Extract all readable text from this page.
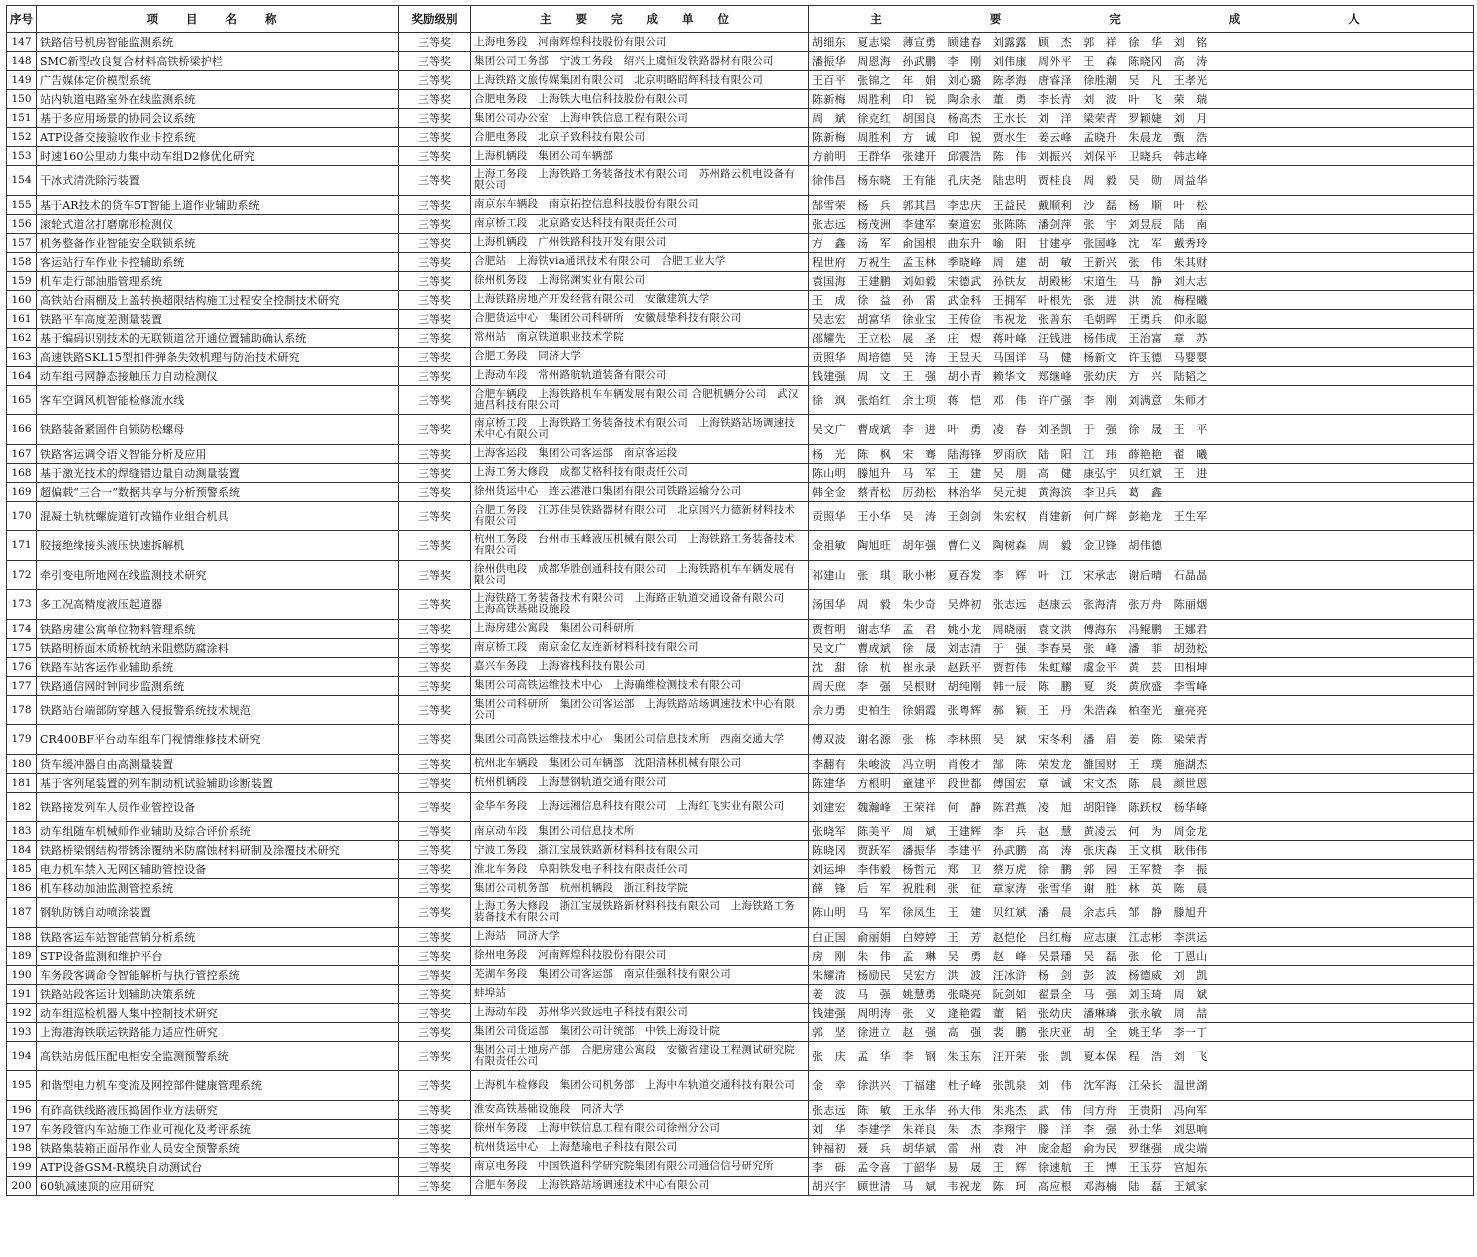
序号	项 目 名 称	奖励级别	主 要 完 成 单 位	主 要 完 成 人
147	铁路信号机房智能监测系统	三等奖	上海电务段　河南辉煌科技股份有限公司	胡细东　夏志梁　薄宣勇　顾建春　刘露露　顾　杰　郭　祥　徐　华　刘　铭
148	SMC新型改良复合材料高铁桥梁护栏	三等奖	集团公司工务部　宁波工务段　绍兴上虞恒发铁路器材有限公司	潘振华　周恩海　孙武鹏　李　刚　刘伟康　周外平　王　森　陈晓冈　高　涛
149	广告媒体定价模型系统	三等奖	上海铁路文旅传媒集团有限公司　北京明略昭辉科技有限公司	王百平　张锦之　年　娟　刘心璐　陈孝海　唐睿泽　徐胜潮　吴　凡　王孝光
150	站内轨道电路室外在线监测系统	三等奖	合肥电务段　上海铁大电信科技股份有限公司	陈新梅　周胜利　印　锐　陶余永　董　勇　李长青　刘　波　叶　飞　荣　瑞
151	基于多应用场景的协同会议系统	三等奖	集团公司办公室　上海申铁信息工程有限公司	周　斌　徐克红　胡国良　杨高杰　王水长　刘　洋　梁荣青　罗颖婕　刘　月
152	ATP设备交接验收作业卡控系统	三等奖	合肥电务段　北京子致科技有限公司	陈新梅　周胜利　方　诚　印　锐　贾水生　姜云峰　孟晓升　朱晨龙　甄　浩
153	时速160公里动力集中动车组D2修优化研究	三等奖	上海机辆段　集团公司车辆部	方前明　王群华　张建开　邱震浩　陈　伟　刘振兴　刘保平　卫晓兵　韩志峰
154	干冰式清洗除污装置	三等奖	上海工务段　上海铁路工务装备技术有限公司　苏州路云机电设备有限公司	徐伟昌　杨东晓　王有能　孔庆尧　陆忠明　贾桂良　周　毅　吴　勋　周益华
155	基于AR技术的货车5T智能上道作业辅助系统	三等奖	南京东车辆段　南京拓控信息科技股份有限公司	郜雪荣　杨　兵　郭其昌　李忠庆　王益民　戴顺利　沙　磊　杨　顺　叶　松
156	滚轮式道岔打磨廓形检测仪	三等奖	南京桥工段　北京路安达科技有限责任公司	张志远　杨茂洲　李建军　秦道宏　张陈陈　潘剑萍　张　宇　刘昱辰　陆　南
157	机务整备作业智能安全联锁系统	三等奖	上海机辆段　广州铁路科技开发有限公司	方　鑫　汤　军　俞国根　曲东升　喻　阳　甘建亭　张国峰　沈　军　戴秀玲
158	客运站行车作业卡控辅助系统	三等奖	合肥站　上海铁via通讯技术有限公司　合肥工业大学	程世府　万祝生　孟玉林　季晓峰　周　建　胡　敏　王新兴　张　伟　朱其财
159	机车走行部油脂管理系统	三等奖	徐州机务段　上海铭渊实业有限公司	袁国海　王建鹏　刘如毅　宋德武　孙铁友　胡殿彬　宋道生　马　静　刘大志
160	高铁站台雨棚及上盖转换超限结构施工过程安全控制技术研究	三等奖	上海铁路房地产开发经营有限公司　安徽建筑大学	王　成　徐　益　孙　雷　武金科　王拥军　叶根先　张　进　洪　流　梅程曦
161	铁路平车高度差测量装置	三等奖	合肥货运中心　集团公司科研所　安徽晨挚科技有限公司	吴志宏　胡富华　徐业宝　王传俭　韦祝龙　张善东　毛朝晖　王勇兵　仰永聪
162	基于编码识别技术的无联锁道岔开通位置辅助确认系统	三等奖	常州站　南京铁道职业技术学院	邵耀先　王立松　展　圣　庄　煜　蒋叶峰　汪钱进　杨伟成　王治富　章　苏
163	高速铁路SKL15型扣件弹条失效机理与防治技术研究	三等奖	合肥工务段　同济大学	贡照华　周培德　吴　涛　王昱天　马国详　马　健　杨新文　许玉德　马婴婴
164	动车组弓网静态接触压力自动检测仪	三等奖	上海动车段　常州路航轨道装备有限公司	钱建强　周　文　王　强　胡小青　赖华文　郑继峰　张幼庆　方　兴　陆韬之
165	客车空调风机智能检修流水线	三等奖	合肥车辆段　上海铁路机车车辆发展有限公司 合肥机辆分公司　武汉迪昌科技有限公司	徐　飒　张焰红　余士项　蒋　恺　邓　伟　许广强　李　刚　刘满意　朱师才
166	铁路装备紧固件自锁防松螺母	三等奖	南京桥工段　上海铁路工务装备技术有限公司　上海铁路站场调速技术中心有限公司	吴文广　曹成斌　李　进　叶　勇　凌　春　刘圣凯　于　强　徐　晟　王　平
167	铁路客运调令语义智能分析及应用	三等奖	上海客运段　集团公司客运部　南京客运段	杨　光　陈　枫　宋　骞　陆海锋　罗雨欣　陆　阳　江　玮　薛艳艳　翟　曦
168	基于激光技术的焊缝错边量自动测量装置	三等奖	上海工务大修段　成都艾格科技有限责任公司	陈山明　滕旭升　马　军　王　建　吴　朋　高　健　康弘宇　贝红斌　王　进
169	超偏载“三合一”数据共享与分析预警系统	三等奖	徐州货运中心　连云港港口集团有限公司铁路运输分公司	韩全金　蔡青松　厉劲松　林治华　吴元昶　黄海滨　李卫兵　葛　鑫
170	混凝土轨枕螺旋道钉改锚作业组合机具	三等奖	合肥工务段　江苏佳昊铁路器材有限公司　北京国兴力德新材料技术有限公司	贡照华　王小华　吴　涛　王剑剑　朱宏权　肖建新　何广辉　彭艳龙　王生军
171	胶接绝缘接头液压快速拆解机	三等奖	杭州工务段　台州市玉峰液压机械有限公司　上海铁路工务装备技术有限公司	金祖敏　陶旭旺　胡年强　曹仁义　陶树森　周　毅　金卫锋　胡伟德
172	牵引变电所地网在线监测技术研究	三等奖	徐州供电段　成都华胜创通科技有限公司　上海铁路机车车辆发展有限公司	祁建山　张　琪　耿小彬　夏吞发　李　辉　叶　江　宋承志　谢后晴　石晶晶
173	多工况高精度液压起道器	三等奖	上海铁路工务装备技术有限公司　上海路正轨道交通设备有限公司　上海高铁基础设施段	汤国华　周　毅　朱少奇　吴烨初　张志远　赵康云　张海清　张万舟　陈丽烟
174	铁路房建公寓单位物料管理系统	三等奖	上海房建公寓段　集团公司科研所	贾哲明　谢志华　孟　君　姚小龙　周晓丽　袁文洪　傅海东　冯鲲鹏　王娜君
175	铁路明桥面木质桥枕纳米阻燃防腐涂料	三等奖	南京桥工段　南京金亿友连新材料科技有限公司	吴文广　曹成斌　徐　晟　刘志清　于　强　李春昊　张　峰　潘　菲　胡劲松
176	铁路车站客运作业辅助系统	三等奖	嘉兴车务段　上海睿栈科技有限公司	沈　甜　徐　杭　崔永录　赵跃平　贾哲伟　朱虹耀　虞金平　黄　芸　田相坤
177	铁路通信网时钟同步监测系统	三等奖	集团公司高铁运维技术中心　上海确维检测技术有限公司	周天庶　李　强　吴根财　胡纯刚　韩一辰　陈　鹏　夏　炎　黄欣盛　李雪峰
178	铁路站台端部防穿越入侵报警系统技术规范	三等奖	集团公司科研所　集团公司客运部　上海铁路站场调速技术中心有限公司	佘力勇　史柏生　徐娟霞　张粤辉　郝　颖　王　丹　朱浩森　柏奎光　童亮亮
179	CR400BF平台动车组车门视情维修技术研究	三等奖	集团公司高铁运维技术中心　集团公司信息技术所　西南交通大学	傅双波　谢名源　张　栋　李林照　吴　斌　宋冬利　潘　眉　姜　陈　梁荣青
180	货车缓冲器自由高测量装置	三等奖	杭州北车辆段　集团公司车辆部　沈阳清林机械有限公司	李翻有　朱峻波　冯立明　肖俊才　郜　陈　荣发龙　雒国财　王　璞　施湖杰
181	基于客列尾装置的列车制动机试验辅助诊断装置	三等奖	杭州机辆段　上海慧钢轨道交通有限公司	陈建华　方根明　童建平　段世都　傅国宏　章　诚　宋文杰　陈　晨　颜世恩
182	铁路接发列车人员作业管控设备	三等奖	金华车务段　上海远湘信息科技有限公司　上海红飞实业有限公司	刘建宏　魏瀚峰　王荣祥　何　静　陈君燕　凌　旭　胡阳锋　陈跃权　杨华峰
183	动车组随车机械师作业辅助及综合评价系统	三等奖	南京动车段　集团公司信息技术所	张晓军　陈美平　周　斌　王建辉　李　兵　赵　慧　黄凌云　何　为　周金龙
184	铁路桥梁钢结构带锈涂覆纳米防腐蚀材料研制及涂覆技术研究	三等奖	宁波工务段　浙江宝晟铁路新材料科技有限公司	陈晓冈　贾跃军　潘振华　李建平　孙武鹏　高　涛　张庆森　王文棋　耿伟伟
185	电力机车禁入无网区辅助管控设备	三等奖	淮北车务段　阜阳铁发电子科技有限责任公司	刘运坤　李伟毅　杨哲元　郑　卫　蔡万虎　徐　鹏　郭　园　王军赞　李　振
186	机车移动加油监测管控系统	三等奖	集团公司机务部　杭州机辆段　浙江科技学院	薛　锋　后　军　祝胜利　张　征　章家涛　张雪华　谢　胜　林　英　陈　晨
187	钢轨防锈自动喷涂装置	三等奖	上海工务大修段　浙江宝晟铁路新材料科技有限公司　上海铁路工务装备技术有限公司	陈山明　马　军　徐凤生　王　建　贝红斌　潘　晨　余志兵　邹　静　滕旭升
188	铁路客运车站智能营销分析系统	三等奖	上海站　同济大学	白正国　俞丽娟　白婷婷　王　芳　赵恺伦　吕红梅　应志康　江志彬　李洪运
189	STP设备监测和维护平台	三等奖	徐州电务段　河南辉煌科技股份有限公司	房　刚　朱　伟　孟　琳　吴　勇　赵　峰　吴景璠　吴　磊　张　伦　丁恩山
190	车务段客调命令智能解析与执行管控系统	三等奖	芜湖车务段　集团公司客运部　南京佳强科技有限公司	朱耀清　杨励民　吴宏方　洪　波　汪冰浒　杨　剑　彭　波　杨德威　刘　凯
191	铁路站段客运计划辅助决策系统	三等奖	蚌埠站	姜　波　马　强　姚慧勇　张晓亮　阮剑如　翟景全　马　强　刘玉琦　周　斌
192	动车组巡检机器人集中控制技术研究	三等奖	上海动车段　苏州华兴致远电子科技有限公司	钱建强　周明涛　张　义　逄艳霞　董　韬　张幼庆　潘琳璘　张永敏　周　喆
193	上海港海铁联运铁路能力适应性研究	三等奖	集团公司货运部　集团公司计统部　中铁上海设计院	郭　坚　徐进立　赵　强　高　强　裴　鹏　张庆亚　胡　全　姚王华　李一丁
194	高铁站房低压配电柜安全监测预警系统	三等奖	集团公司土地房产部　合肥房建公寓段　安徽省建设工程测试研究院有限责任公司	张　庆　孟　华　李　钢　朱玉东　汪开荣　张　凯　夏本保　程　浩　刘　飞
195	和谐型电力机车变流及网控部件健康管理系统	三等奖	上海机车检修段　集团公司机务部　上海中车轨道交通科技有限公司	金　幸　徐洪兴　丁福建　杜子峰　张凯泉　刘　伟　沈军海　江朵长　温世湖
196	有砟高铁线路液压捣固作业方法研究	三等奖	淮安高铁基础设施段　同济大学	张志远　陈　敏　王永华　孙大伟　朱兆杰　武　伟　闫方舟　王贵阳　冯向军
197	车务段管内车站施工作业可视化及考评系统	三等奖	徐州车务段　上海申铁信息工程有限公司徐州分公司	刘　华　李建学　朱祥良　朱　杰　李翔宇　滕　洋　李　强　孙士华　刘思响
198	铁路集装箱正面吊作业人员安全预警系统	三等奖	杭州货运中心　上海楚瑜电子科技有限公司	钟福初　聂　兵　胡华斌　雷　州　袁　冲　庞金超　俞为民　罗继强　成尖端
199	ATP设备GSM-R模块自动测试台	三等奖	南京电务段　中国铁道科学研究院集团有限公司通信信号研究所	李　砾　孟令喜　丁韶华　易　晟　王　辉　徐速航　王　博　王玉芬　宫旭东
200	60轨减速顶的应用研究	三等奖	合肥车务段　上海铁路站场调速技术中心有限公司	胡兴宇　顾世清　马　斌　韦祝龙　陈　珂　高应根　邓海楠　陆　磊　王斌家
